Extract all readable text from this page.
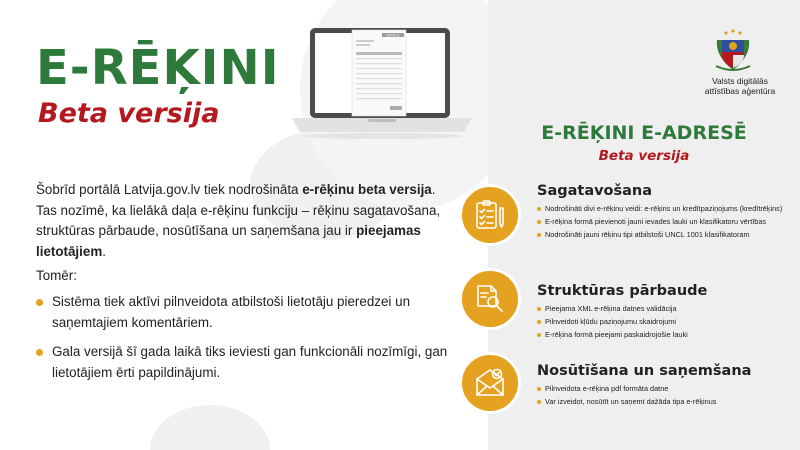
INVOICE
E-RĒĶINI
Beta versija

Šobrīd portālā Latvija.gov.lv tiek nodrošināta e-rēķinu beta versija. Tas nozīmē, ka lielākā daļa e-rēķinu funkciju – rēķinu sagatavošana, struktūras pārbaude, nosūtīšana un saņemšana jau ir pieejamas lietotājiem.

Tomēr:
Sistēma tiek aktīvi pilnveidota atbilstoši lietotāju pieredzei un saņemtajiem komentāriem.
Gala versijā šī gada laikā tiks ieviesti gan funkcionāli nozīmīgi, gan lietotājiem ērti papildinājumi.
Valsts digitālās
attīstības aģentūra
E-RĒĶINI E-ADRESĒ
Beta versija
Sagatavošana
Nodrošināti divi e-rēķinu veidi: e-rēķins un kredītpaziņojums (kredītrēķins)
E-rēķina formā pievienoti jauni ievades lauki un klasifikatoru vērtības
Nodrošināti jauni rēķinu tipi atbilstoši UNCL 1001 klasifikatoram
Struktūras pārbaude
Pieejama XML e-rēķina datnes validācija
Pilnveidoti kļūdu paziņojumu skaidrojumi
E-rēķina formā pieejami paskaidrojošie lauki
Nosūtīšana un saņemšana
Pilnveidota e-rēķina pdf formāta datne
Var izveidot, nosūtīt un saņemt dažāda tipa e-rēķinus
